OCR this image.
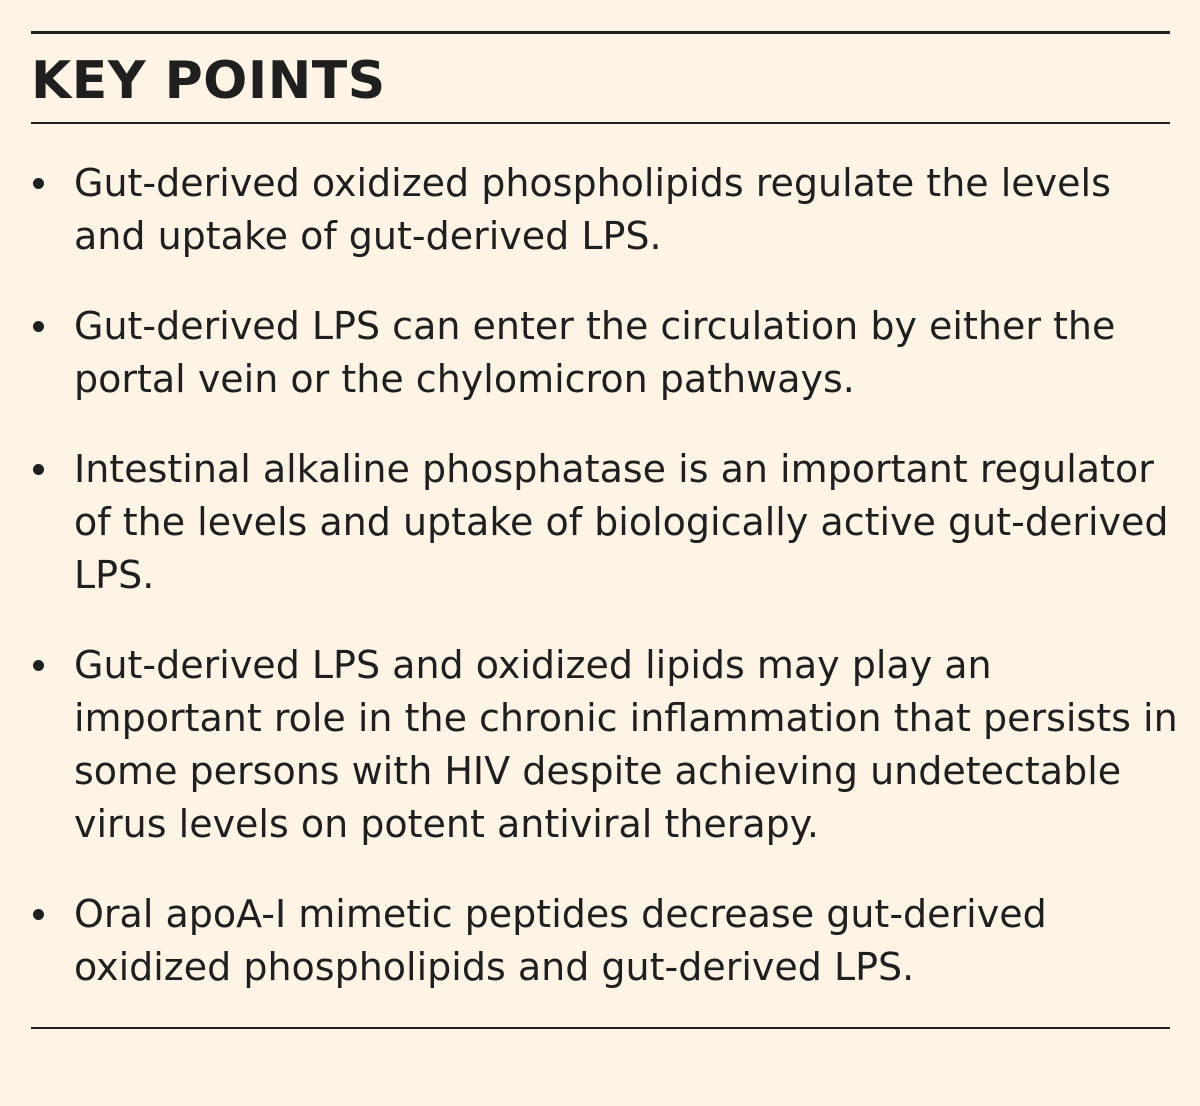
KEY POINTS
Gut-derived oxidized phospholipids regulate the levels and uptake of gut-derived LPS.
Gut-derived LPS can enter the circulation by either the portal vein or the chylomicron pathways.
Intestinal alkaline phosphatase is an important regulator of the levels and uptake of biologically active gut-derived LPS.
Gut-derived LPS and oxidized lipids may play an important role in the chronic inflammation that persists in some persons with HIV despite achieving undetectable virus levels on potent antiviral therapy.
Oral apoA-I mimetic peptides decrease gut-derived oxidized phospholipids and gut-derived LPS.
